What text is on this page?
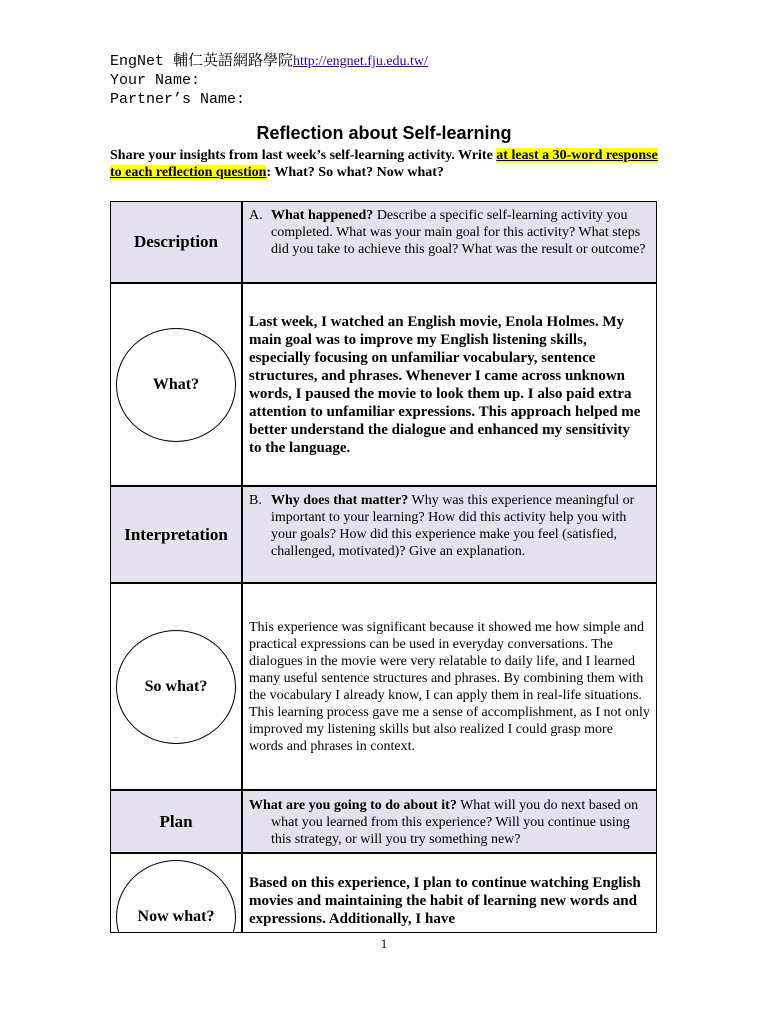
EngNet 輔仁英語網路學院http://engnet.fju.edu.tw/
Your Name:
Partner’s Name:
Reflection about Self-learning
Share your insights from last week’s self-learning activity. Write at least a 30-word response to each reflection question: What? So what? Now what?
Description
A. What happened? Describe a specific self-learning activity you completed. What was your main goal for this activity? What steps did you take to achieve this goal? What was the result or outcome?
What?
Last week, I watched an English movie, Enola Holmes. My main goal was to improve my English listening skills, especially focusing on unfamiliar vocabulary, sentence structures, and phrases. Whenever I came across unknown words, I paused the movie to look them up. I also paid extra attention to unfamiliar expressions. This approach helped me better understand the dialogue and enhanced my sensitivity to the language.
Interpretation
B. Why does that matter? Why was this experience meaningful or important to your learning? How did this activity help you with your goals? How did this experience make you feel (satisfied, challenged, motivated)? Give an explanation.
So what?
This experience was significant because it showed me how simple and practical expressions can be used in everyday conversations. The dialogues in the movie were very relatable to daily life, and I learned many useful sentence structures and phrases. By combining them with the vocabulary I already know, I can apply them in real-life situations. This learning process gave me a sense of accomplishment, as I not only improved my listening skills but also realized I could grasp more words and phrases in context.
Plan
What are you going to do about it? What will you do next based on what you learned from this experience? Will you continue using this strategy, or will you try something new?
Now what?
Based on this experience, I plan to continue watching English movies and maintaining the habit of learning new words and expressions. Additionally, I have
1
